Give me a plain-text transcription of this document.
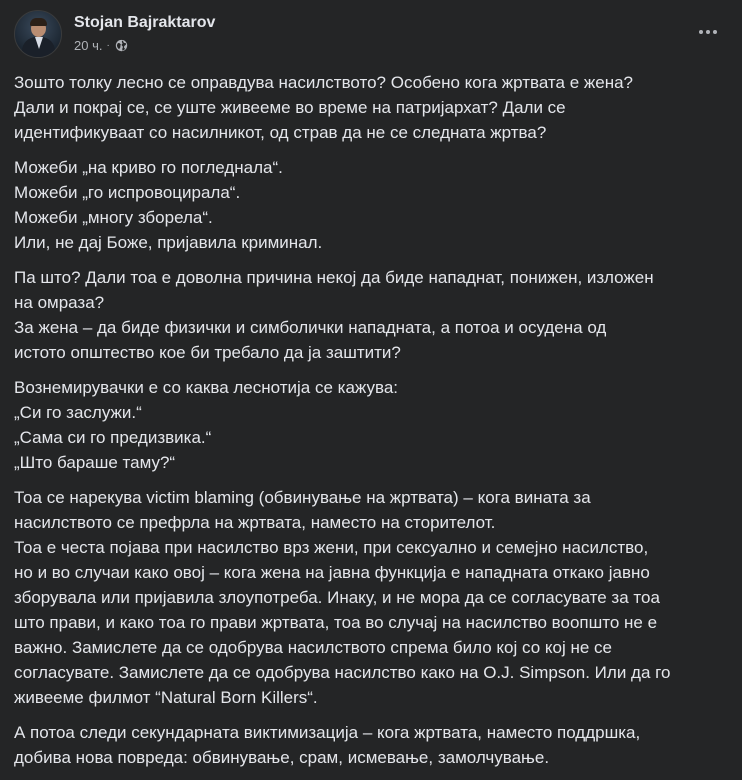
Stojan Bajraktarov
20 ч. ·

Зошто толку лесно се оправдува насилството? Особено кога жртвата е жена?
Дали и покрај се, се уште живееме во време на патријархат? Дали се
идентификуваат со насилникот, од страв да не се следната жртва?

Можеби „на криво го погледнала“.
Можеби „го испровоцирала“.
Можеби „многу зборела“.
Или, не дај Боже, пријавила криминал.

Па што? Дали тоа е доволна причина некој да биде нападнат, понижен, изложен
на омраза?
За жена – да биде физички и симболички нападната, а потоа и осудена од
истото општество кое би требало да ја заштити?

Вознемирувачки е со каква леснотија се кажува:
„Си го заслужи.“
„Сама си го предизвика.“
„Што бараше таму?“

Тоа се нарекува victim blaming (обвинување на жртвата) – кога вината за
насилството се префрла на жртвата, наместо на сторителот.
Тоа е честа појава при насилство врз жени, при сексуално и семејно насилство,
но и во случаи како овој – кога жена на јавна функција е нападната откако јавно
зборувала или пријавила злоупотреба. Инаку, и не мора да се согласувате за тоа
што прави, и како тоа го прави жртвата, тоа во случај на насилство воопшто не е
важно. Замислете да се одобрува насилството спрема било кој со кој не се
согласувате. Замислете да се одобрува насилство како на O.J. Simpson. Или да го
живееме филмот “Natural Born Killers“.

А потоа следи секундарната виктимизација – кога жртвата, наместо поддршка,
добива нова повреда: обвинување, срам, исмевање, замолчување.
